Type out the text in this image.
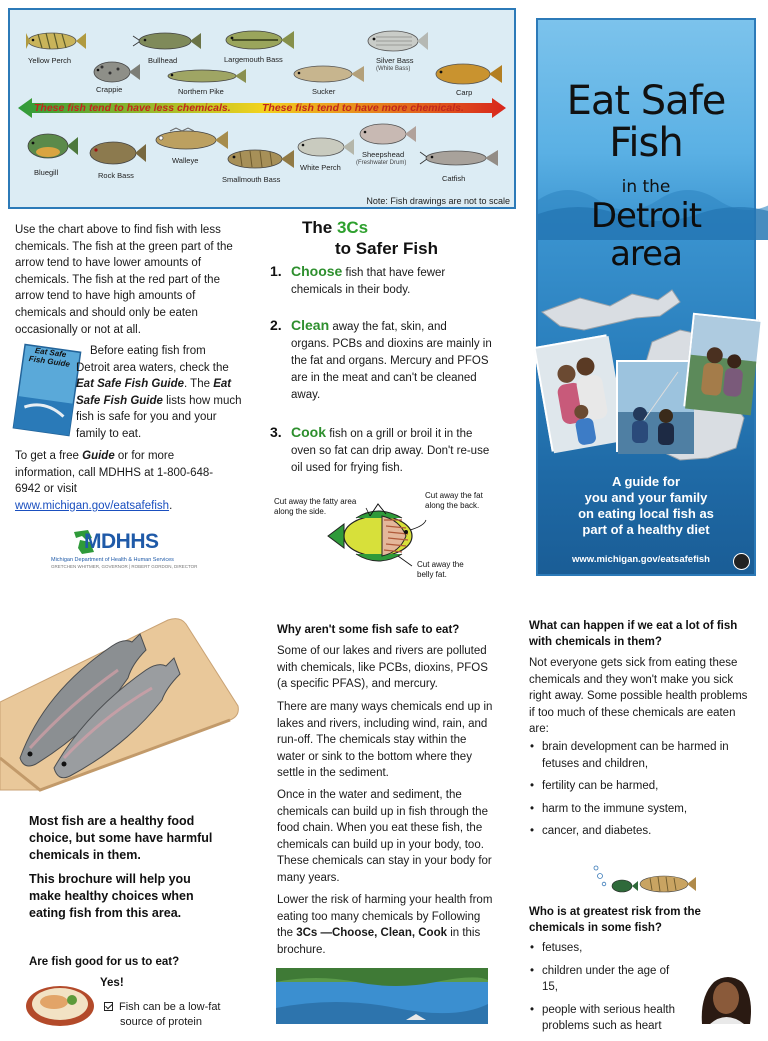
Yellow Perch	Bullhead	Largemouth Bass	Silver Bass
(White Bass)
Crappie	Northern Pike	Sucker	Carp
These fish tend to have less chemicals.	These fish tend to have more chemicals.
Bluegill	Rock Bass
Walleye
Smallmouth Bass
White Perch
Sheepshead
(Freshwater Drum)
Catfish
Note: Fish drawings are not to scale
Eat Safe
Fish
in the
Detroit
area
A guide for
you and your family
on eating local fish as
part of a healthy diet
www.michigan.gov/eatsafefish
Use the chart above to find fish with less chemicals. The fish at the green part of the arrow tend to have lower amounts of chemicals. The fish at the red part of the arrow tend to have high amounts of chemicals and should only be eaten occasionally or not at all.
Eat Safe Fish Guide
Before eating fish from Detroit area waters, check the Eat Safe Fish Guide. The Eat Safe Fish Guide lists how much fish is safe for you and your family to eat.
To get a free Guide or for more information, call MDHHS at 1-800-648-6942 or visit
www.michigan.gov/eatsafefish.
MDHHS
Michigan Department of Health & Human Services
GRETCHEN WHITMER, GOVERNOR | ROBERT GORDON, DIRECTOR
The 3Cs
to Safer Fish
1. Choose fish that have fewer
chemicals in their body.
2. Clean away the fat, skin, and
organs. PCBs and dioxins are mainly in the fat and organs. Mercury and PFOS are in the meat and can't be cleaned away.
3. Cook fish on a grill or broil it in the
oven so fat can drip away. Don't re-use oil used for frying fish.
Cut away the fatty area along the side.
Cut away the fat along the back.
Cut away the belly fat.
Most fish are a healthy food choice, but some have harmful chemicals in them.
This brochure will help you make healthy choices when eating fish from this area.
Are fish good for us to eat?
Yes!
Fish can be a low-fat
source of protein
Why aren't some fish safe to eat?
Some of our lakes and rivers are polluted with chemicals, like PCBs, dioxins, PFOS (a specific PFAS), and mercury.
There are many ways chemicals end up in lakes and rivers, including wind, rain, and run-off. The chemicals stay within the water or sink to the bottom where they settle in the sediment.
Once in the water and sediment, the chemicals can build up in fish through the food chain. When you eat these fish, the chemicals can build up in your body, too. These chemicals can stay in your body for many years.
Lower the risk of harming your health from eating too many chemicals by Following the 3Cs —Choose, Clean, Cook in this brochure.
What can happen if we eat a lot of fish with chemicals in them?
Not everyone gets sick from eating these chemicals and they won't make you sick right away. Some possible health problems if too much of these chemicals are eaten are:
• brain development can be harmed in fetuses and children,
• fertility can be harmed,
• harm to the immune system,
• cancer, and diabetes.
Who is at greatest risk from the chemicals in some fish?
• fetuses,
• children under the age of 15,
• people with serious health problems such as heart
